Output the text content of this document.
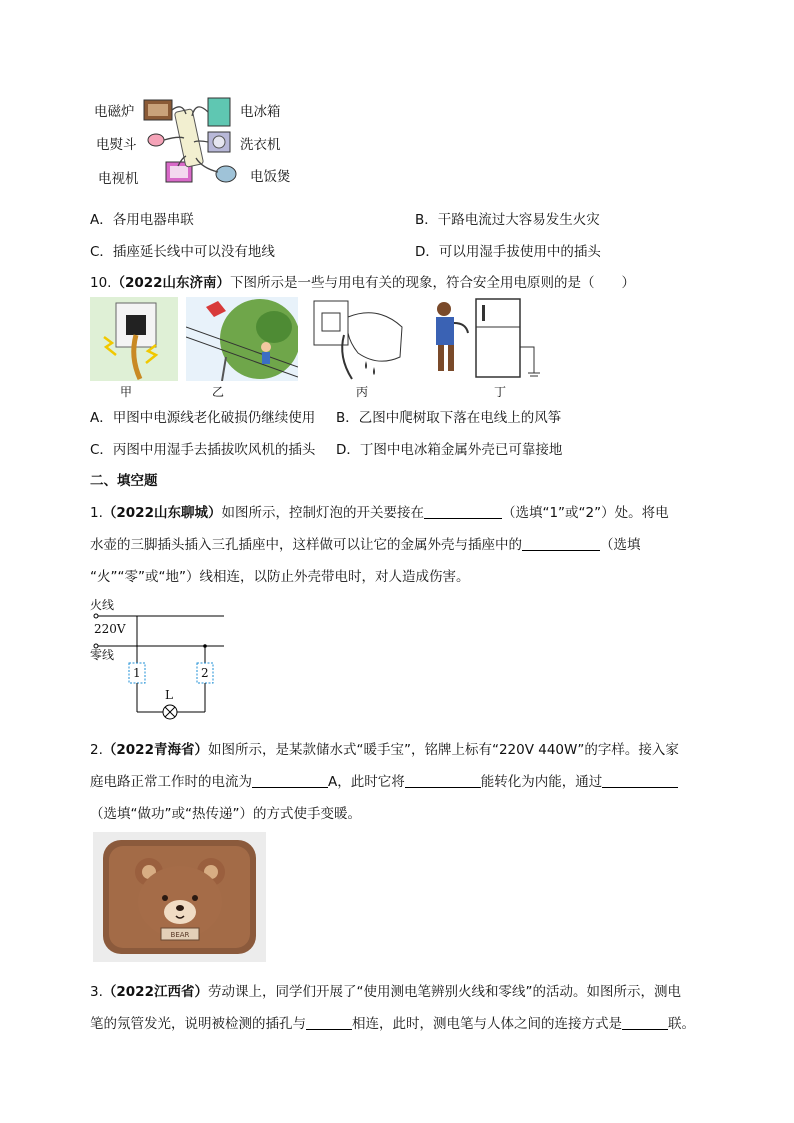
电磁炉
电熨斗
电视机
电冰箱
洗衣机
电饭煲
A．各用电器串联	B．干路电流过大容易发生火灾
C．插座延长线中可以没有地线	D．可以用湿手拔使用中的插头
10.（2022山东济南）下图所示是一些与用电有关的现象，符合安全用电原则的是（　　）
甲	乙	丙	丁
A．甲图中电源线老化破损仍继续使用 B．乙图中爬树取下落在电线上的风筝
C．丙图中用湿手去插拔吹风机的插头 D．丁图中电冰箱金属外壳已可靠接地
二、填空题
1.（2022山东聊城）如图所示，控制灯泡的开关要接在	（选填“1”或“2”）处。将电
水壶的三脚插头插入三孔插座中，这样做可以让它的金属外壳与插座中的	（选填
“火”“零”或“地”）线相连，以防止外壳带电时，对人造成伤害。
火线
220V
零线
1	2
L
2.（2022青海省）如图所示，是某款储水式“暖手宝”，铭牌上标有“220V 440W”的字样。接入家
庭电路正常工作时的电流为	A，此时它将	能转化为内能，通过
（选填“做功”或“热传递”）的方式使手变暖。
BEAR
3.（2022江西省）劳动课上，同学们开展了“使用测电笔辨别火线和零线”的活动。如图所示，测电
笔的氖管发光，说明被检测的插孔与	相连，此时，测电笔与人体之间的连接方式是	联。
